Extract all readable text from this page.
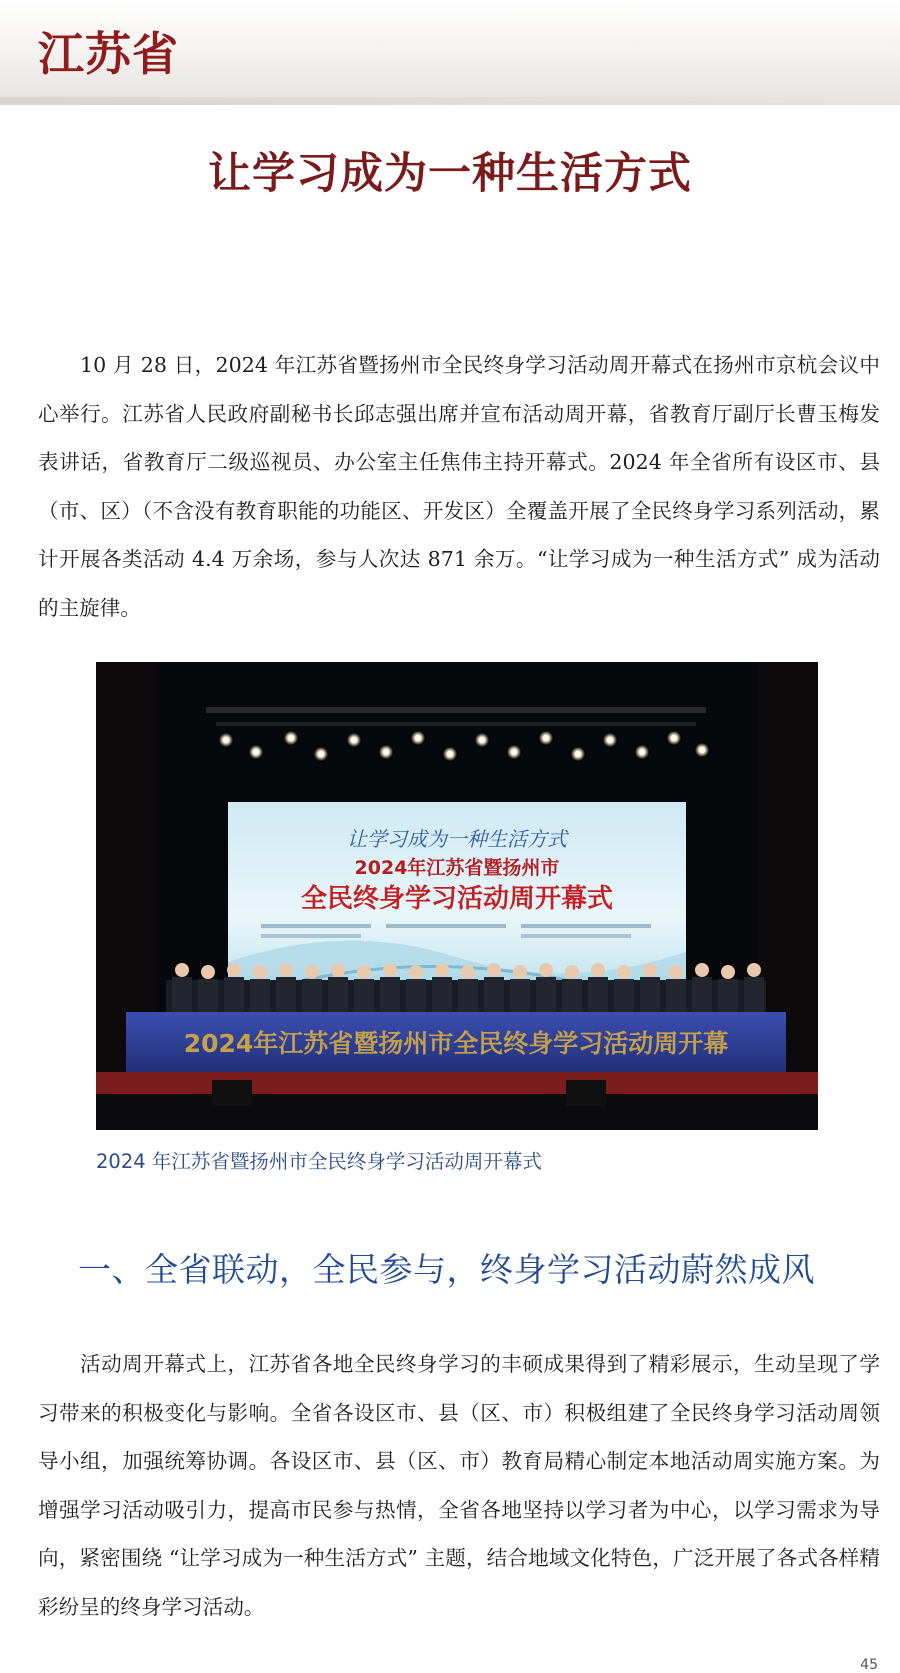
江苏省
让学习成为一种生活方式

10 月 28 日，2024 年江苏省暨扬州市全民终身学习活动周开幕式在扬州市京杭会议中心举行。江苏省人民政府副秘书长邱志强出席并宣布活动周开幕，省教育厅副厅长曹玉梅发表讲话，省教育厅二级巡视员、办公室主任焦伟主持开幕式。2024 年全省所有设区市、县（市、区）（不含没有教育职能的功能区、开发区）全覆盖开展了全民终身学习系列活动，累计开展各类活动 4.4 万余场，参与人次达 871 余万。“让学习成为一种生活方式” 成为活动的主旋律。

让学习成为一种生活方式
2024年江苏省暨扬州市
全民终身学习活动周开幕式
2024年江苏省暨扬州市全民终身学习活动周开幕
2024 年江苏省暨扬州市全民终身学习活动周开幕式
一、全省联动，全民参与，终身学习活动蔚然成风

活动周开幕式上，江苏省各地全民终身学习的丰硕成果得到了精彩展示，生动呈现了学习带来的积极变化与影响。全省各设区市、县（区、市）积极组建了全民终身学习活动周领导小组，加强统筹协调。各设区市、县（区、市）教育局精心制定本地活动周实施方案。为增强学习活动吸引力，提高市民参与热情，全省各地坚持以学习者为中心，以学习需求为导向，紧密围绕 “让学习成为一种生活方式” 主题，结合地域文化特色，广泛开展了各式各样精彩纷呈的终身学习活动。

45
